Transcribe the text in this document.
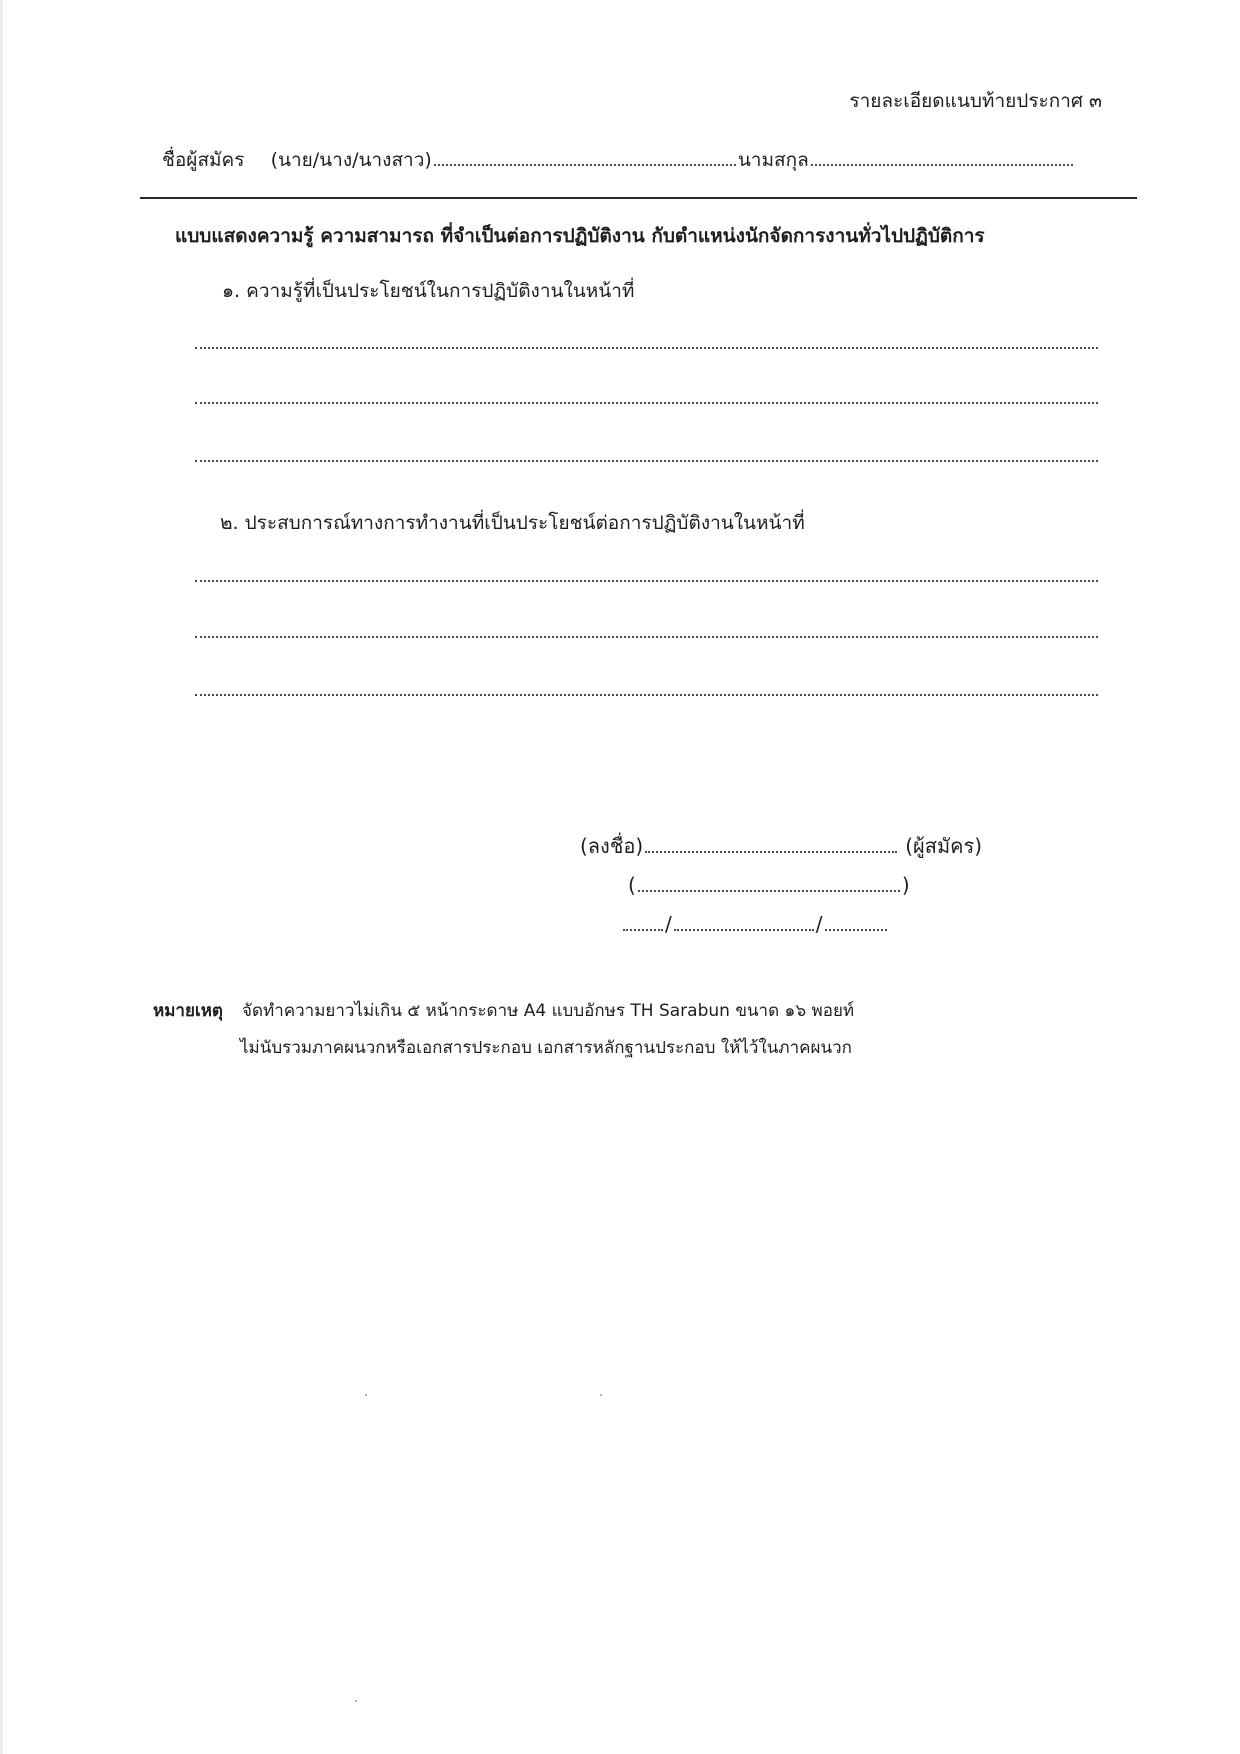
รายละเอียดแนบท้ายประกาศ ๓
ชื่อผู้สมัคร (นาย/นาง/นางสาว)	นามสกุล
แบบแสดงความรู้ ความสามารถ ที่จำเป็นต่อการปฏิบัติงาน กับตำแหน่งนักจัดการงานทั่วไปปฏิบัติการ
๑. ความรู้ที่เป็นประโยชน์ในการปฏิบัติงานในหน้าที่
๒. ประสบการณ์ทางการทำงานที่เป็นประโยชน์ต่อการปฏิบัติงานในหน้าที่
(ลงชื่อ)	(ผู้สมัคร)
(	)
/	/
หมายเหตุ จัดทำความยาวไม่เกิน ๕ หน้ากระดาษ A4 แบบอักษร TH Sarabun ขนาด ๑๖ พอยท์
ไม่นับรวมภาคผนวกหรือเอกสารประกอบ เอกสารหลักฐานประกอบ ให้ไว้ในภาคผนวก
